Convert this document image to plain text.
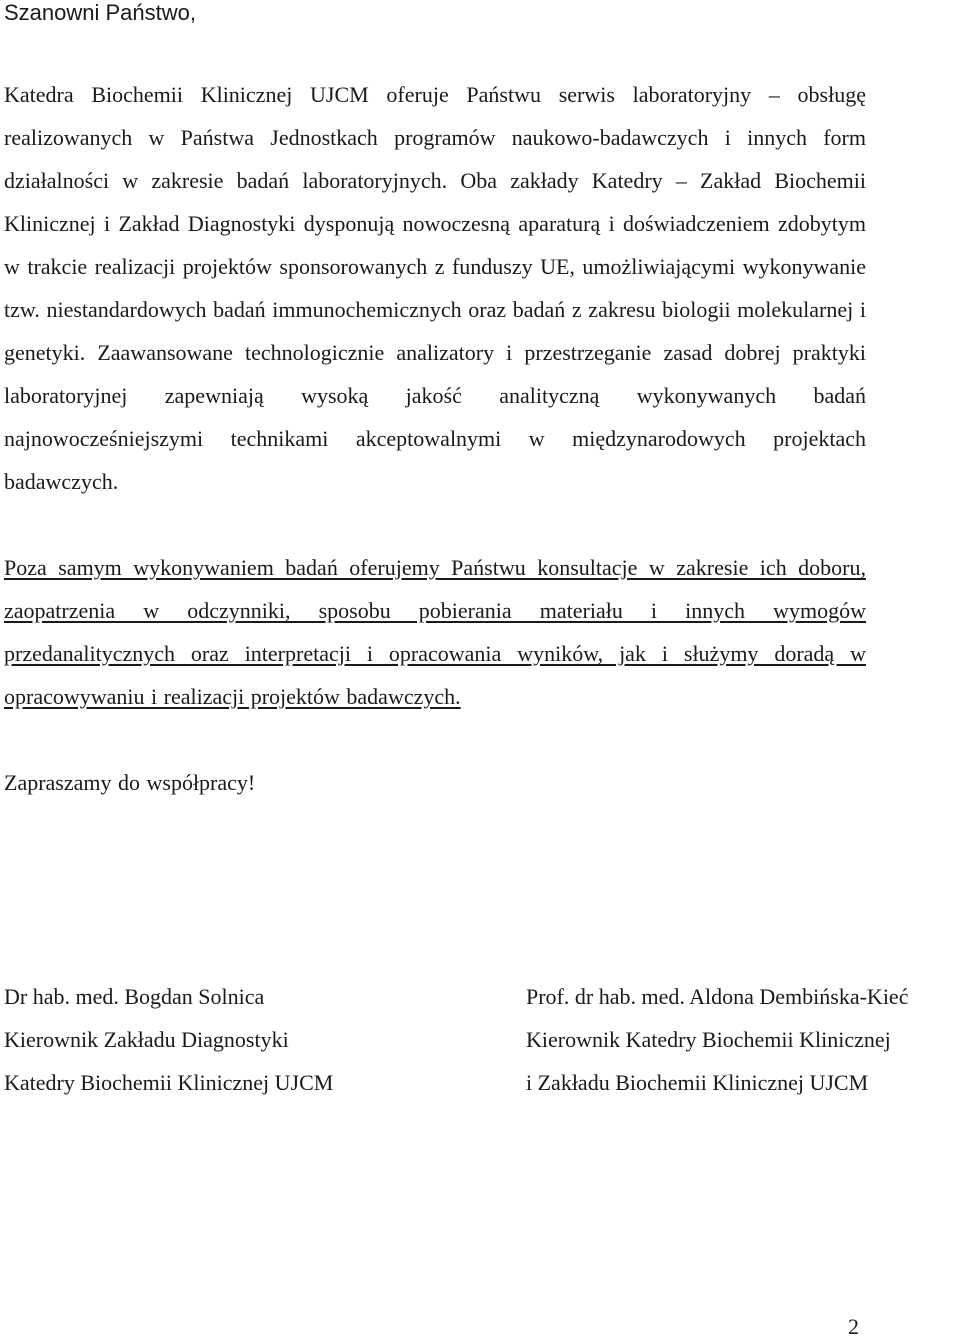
Szanowni Państwo,

Katedra Biochemii Klinicznej UJCM oferuje Państwu serwis laboratoryjny – obsługę realizowanych w Państwa Jednostkach programów naukowo-badawczych i innych form działalności w zakresie badań laboratoryjnych. Oba zakłady Katedry – Zakład Biochemii Klinicznej i Zakład Diagnostyki dysponują nowoczesną aparaturą i doświadczeniem zdobytym w trakcie realizacji projektów sponsorowanych z funduszy UE, umożliwiającymi wykonywanie tzw. niestandardowych badań immunochemicznych oraz badań z zakresu biologii molekularnej i genetyki. Zaawansowane technologicznie analizatory i przestrzeganie zasad dobrej praktyki laboratoryjnej zapewniają wysoką jakość analityczną wykonywanych badań najnowocześniejszymi technikami akceptowalnymi w międzynarodowych projektach badawczych.

Poza samym wykonywaniem badań oferujemy Państwu konsultacje w zakresie ich doboru, zaopatrzenia w odczynniki, sposobu pobierania materiału i innych wymogów przedanalitycznych oraz interpretacji i opracowania wyników, jak i służymy doradą w opracowywaniu i realizacji projektów badawczych.

Zapraszamy do współpracy!

Dr hab. med. Bogdan Solnica
Kierownik Zakładu Diagnostyki
Katedry Biochemii Klinicznej UJCM
Prof. dr hab. med. Aldona Dembińska-Kieć
Kierownik Katedry Biochemii Klinicznej
i Zakładu Biochemii Klinicznej UJCM
2
